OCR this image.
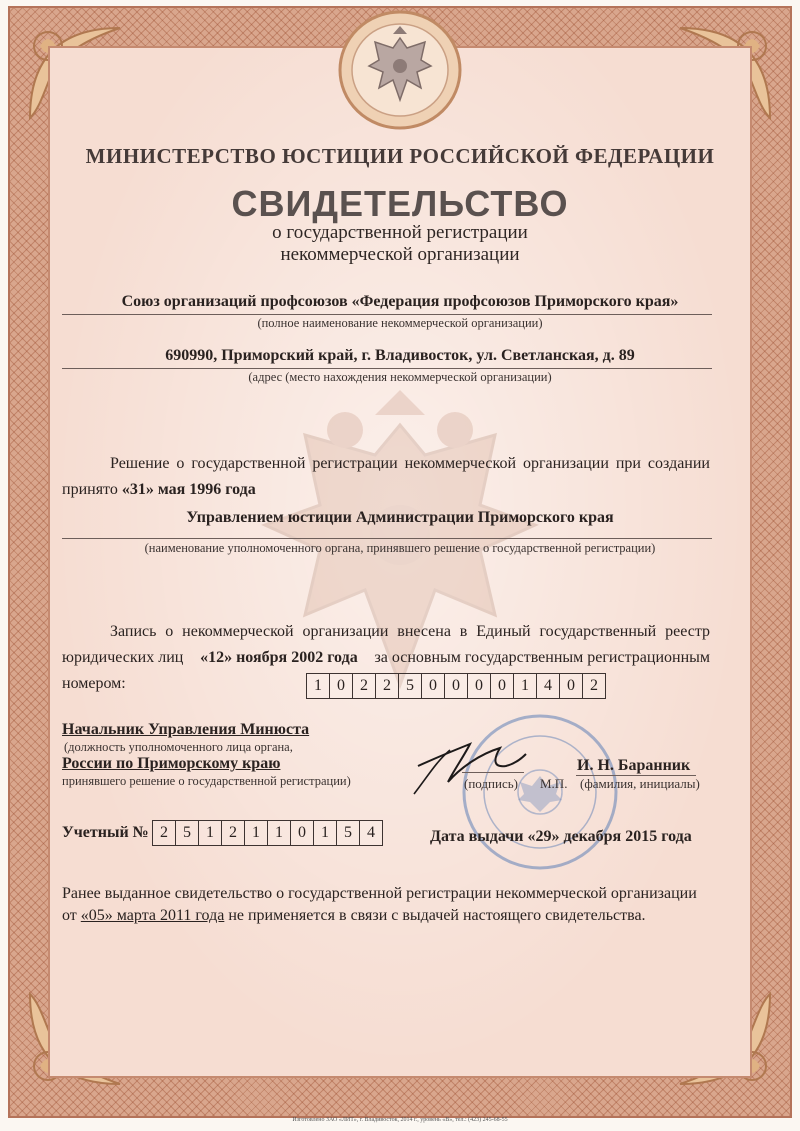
МИНИСТЕРСТВО ЮСТИЦИИ РОССИЙСКОЙ ФЕДЕРАЦИИ
СВИДЕТЕЛЬСТВО
о государственной регистрации
некоммерческой организации
Союз организаций профсоюзов «Федерация профсоюзов Приморского края»
(полное наименование некоммерческой организации)
690990, Приморский край, г. Владивосток, ул. Светланская, д. 89
(адрес (место нахождения некоммерческой организации)
Решение о государственной регистрации некоммерческой организации при создании
принято «31» мая 1996 года
Управлением юстиции Администрации Приморского края
(наименование уполномоченного органа, принявшего решение о государственной регистрации)
Запись о некоммерческой организации внесена в Единый государственный реестр
юридических лиц «12» ноября 2002 года за основным государственным регистрационным
номером:	1 0 2 2 5 0 0 0 0 1 4 0 2
Начальник Управления Минюста
(должность уполномоченного лица органа,
России по Приморскому краю
принявшего решение о государственной регистрации)	(подпись) М.П.
И. Н. Баранник
(фамилия, инициалы)
Учетный № 2 5 1 2 1 1 0 1 5 4	Дата выдачи «29» декабря 2015 года
Ранее выданное свидетельство о государственной регистрации некоммерческой организации
от «05» марта 2011 года не применяется в связи с выдачей настоящего свидетельства.
Изготовлено ЗАО «ЛИТ», г. Владивосток, 2014 г., уровень «В», тел.: (423) 245-68-55
